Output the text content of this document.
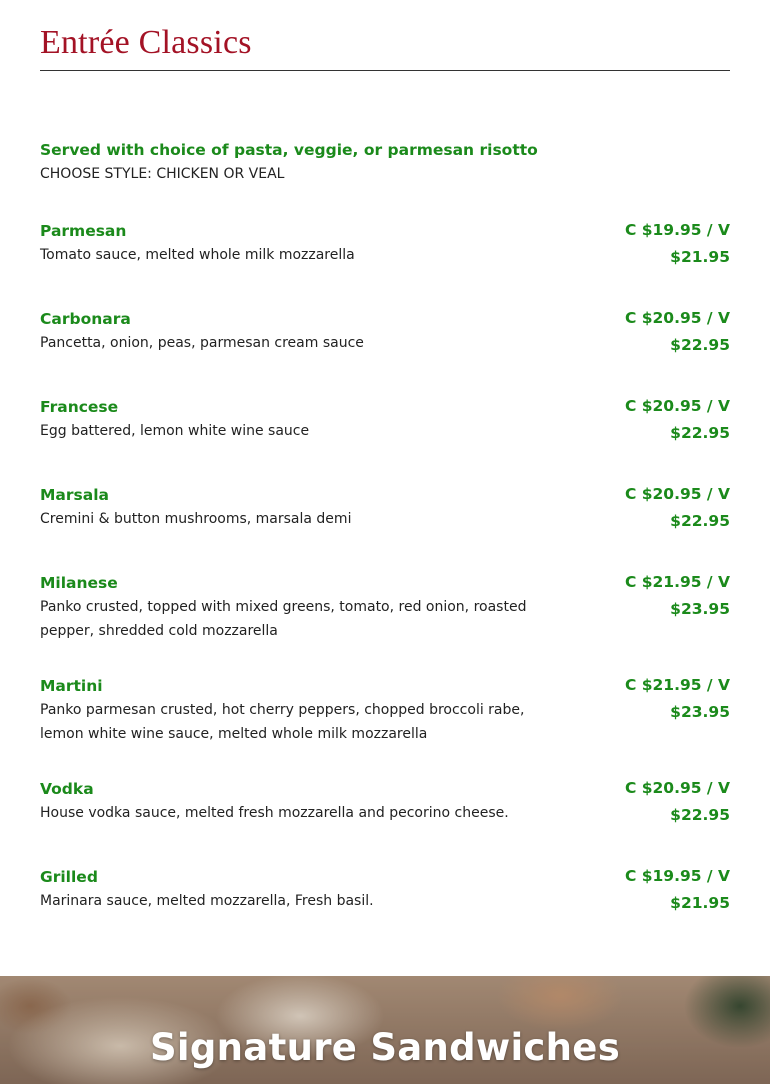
Entrée Classics
Served with choice of pasta, veggie, or parmesan risotto
CHOOSE STYLE: CHICKEN OR VEAL
Parmesan
Tomato sauce, melted whole milk mozzarella
C $19.95 / V $21.95
Carbonara
Pancetta, onion, peas, parmesan cream sauce
C $20.95 / V $22.95
Francese
Egg battered, lemon white wine sauce
C $20.95 / V $22.95
Marsala
Cremini & button mushrooms, marsala demi
C $20.95 / V $22.95
Milanese
Panko crusted, topped with mixed greens, tomato, red onion, roasted pepper, shredded cold mozzarella
C $21.95 / V $23.95
Martini
Panko parmesan crusted, hot cherry peppers, chopped broccoli rabe, lemon white wine sauce, melted whole milk mozzarella
C $21.95 / V $23.95
Vodka
House vodka sauce, melted fresh mozzarella and pecorino cheese.
C $20.95 / V $22.95
Grilled
Marinara sauce, melted mozzarella, Fresh basil.
C $19.95 / V $21.95
Signature Sandwiches
